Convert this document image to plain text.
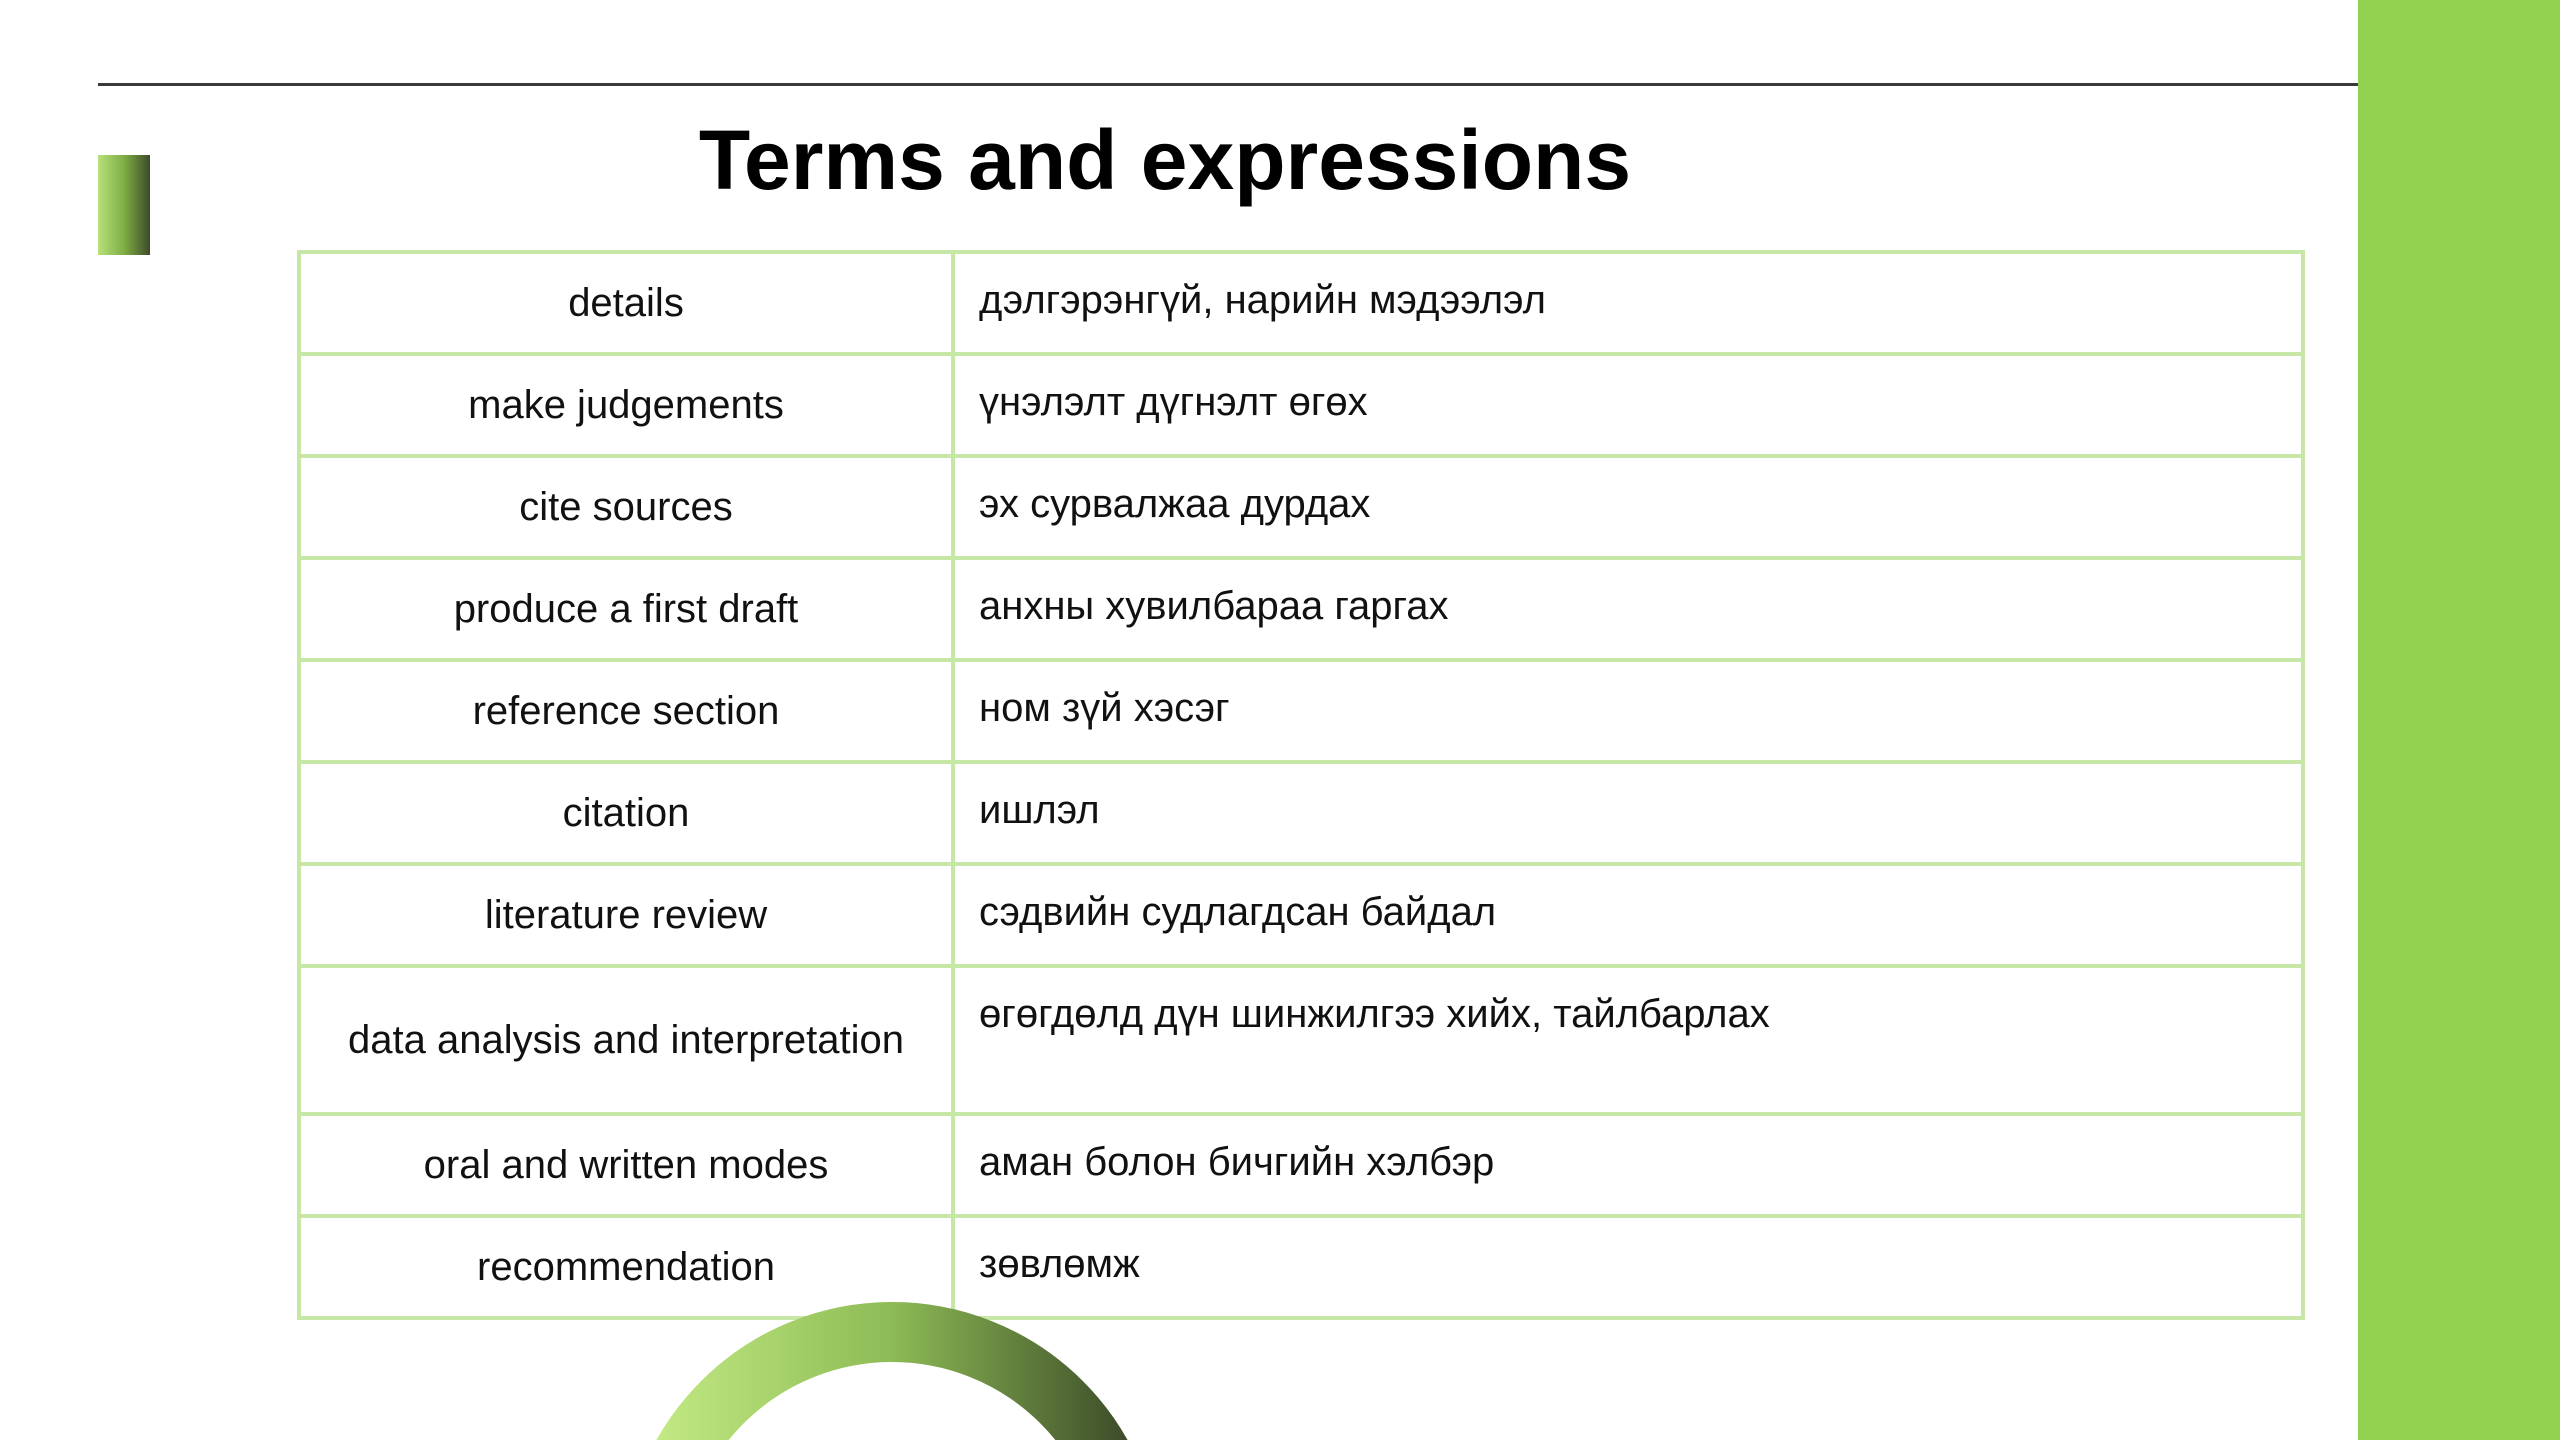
Terms and expressions
details	дэлгэрэнгүй, нарийн мэдээлэл
make judgements	үнэлэлт дүгнэлт өгөх
cite sources	эх сурвалжаа дурдах
produce a first draft	анхны хувилбараа гаргах
reference section	ном зүй хэсэг
citation	ишлэл
literature review	сэдвийн судлагдсан байдал
data analysis and interpretation	өгөгдөлд дүн шинжилгээ хийх, тайлбарлах
oral and written modes	аман болон бичгийн хэлбэр
recommendation	зөвлөмж
